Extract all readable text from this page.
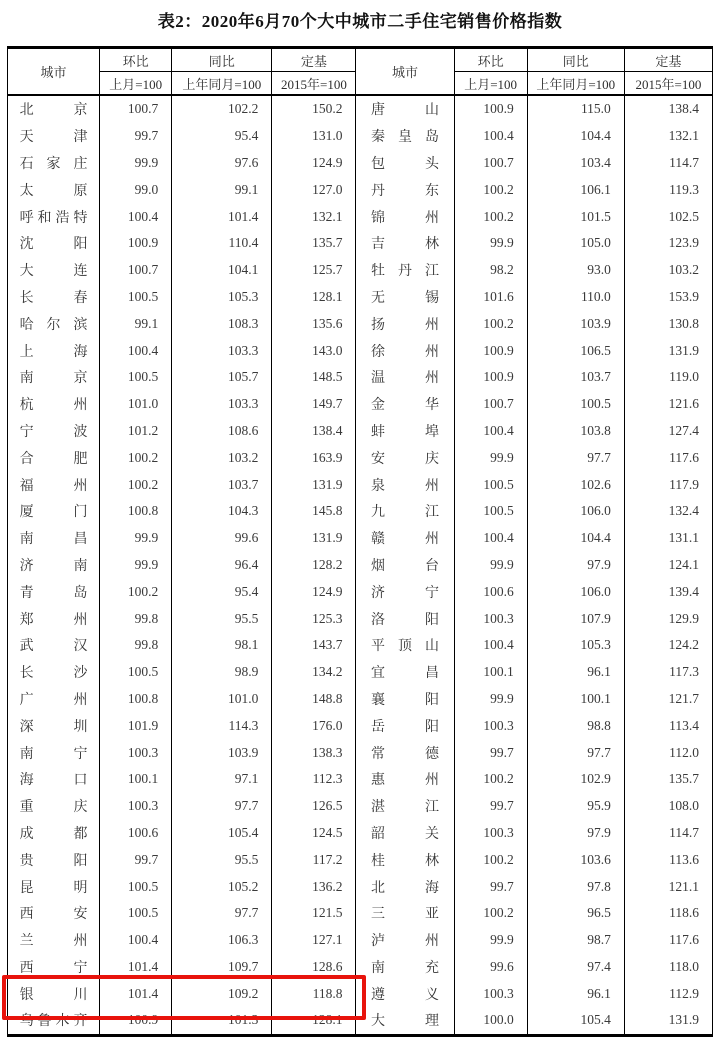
表2：2020年6月70个大中城市二手住宅销售价格指数
城市	环比	同比	定基	城市	环比	同比	定基
	上月=100	上年同月=100	2015年=100		上月=100	上年同月=100	2015年=100
北京	100.7	102.2	150.2	唐山	100.9	115.0	138.4
天津	99.7	95.4	131.0	秦皇岛	100.4	104.4	132.1
石家庄	99.9	97.6	124.9	包头	100.7	103.4	114.7
太原	99.0	99.1	127.0	丹东	100.2	106.1	119.3
呼和浩特	100.4	101.4	132.1	锦州	100.2	101.5	102.5
沈阳	100.9	110.4	135.7	吉林	99.9	105.0	123.9
大连	100.7	104.1	125.7	牡丹江	98.2	93.0	103.2
长春	100.5	105.3	128.1	无锡	101.6	110.0	153.9
哈尔滨	99.1	108.3	135.6	扬州	100.2	103.9	130.8
上海	100.4	103.3	143.0	徐州	100.9	106.5	131.9
南京	100.5	105.7	148.5	温州	100.9	103.7	119.0
杭州	101.0	103.3	149.7	金华	100.7	100.5	121.6
宁波	101.2	108.6	138.4	蚌埠	100.4	103.8	127.4
合肥	100.2	103.2	163.9	安庆	99.9	97.7	117.6
福州	100.2	103.7	131.9	泉州	100.5	102.6	117.9
厦门	100.8	104.3	145.8	九江	100.5	106.0	132.4
南昌	99.9	99.6	131.9	赣州	100.4	104.4	131.1
济南	99.9	96.4	128.2	烟台	99.9	97.9	124.1
青岛	100.2	95.4	124.9	济宁	100.6	106.0	139.4
郑州	99.8	95.5	125.3	洛阳	100.3	107.9	129.9
武汉	99.8	98.1	143.7	平顶山	100.4	105.3	124.2
长沙	100.5	98.9	134.2	宜昌	100.1	96.1	117.3
广州	100.8	101.0	148.8	襄阳	99.9	100.1	121.7
深圳	101.9	114.3	176.0	岳阳	100.3	98.8	113.4
南宁	100.3	103.9	138.3	常德	99.7	97.7	112.0
海口	100.1	97.1	112.3	惠州	100.2	102.9	135.7
重庆	100.3	97.7	126.5	湛江	99.7	95.9	108.0
成都	100.6	105.4	124.5	韶关	100.3	97.9	114.7
贵阳	99.7	95.5	117.2	桂林	100.2	103.6	113.6
昆明	100.5	105.2	136.2	北海	99.7	97.8	121.1
西安	100.5	97.7	121.5	三亚	100.2	96.5	118.6
兰州	100.4	106.3	127.1	泸州	99.9	98.7	117.6
西宁	101.4	109.7	128.6	南充	99.6	97.4	118.0
银川	101.4	109.2	118.8	遵义	100.3	96.1	112.9
乌鲁木齐	100.9	101.3	128.1	大理	100.0	105.4	131.9
